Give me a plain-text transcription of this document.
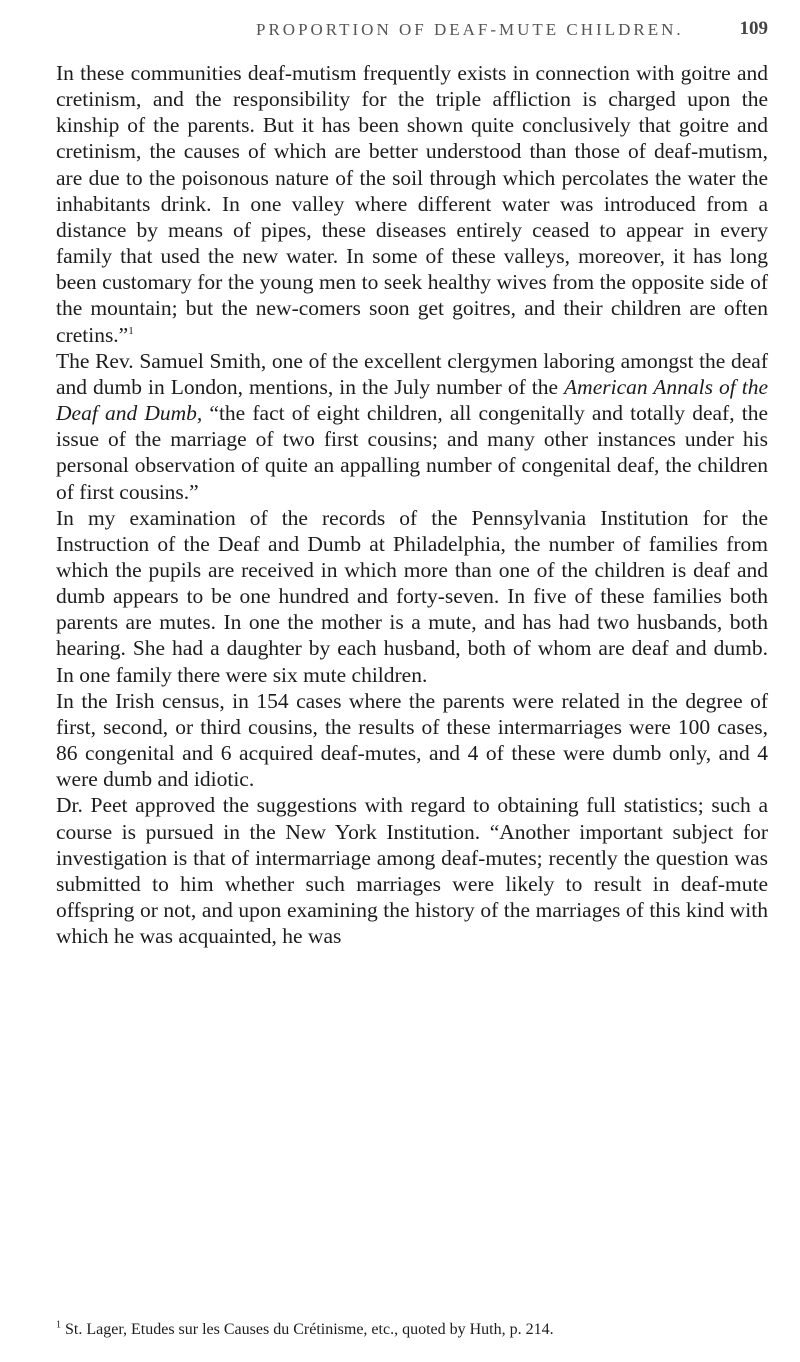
PROPORTION OF DEAF-MUTE CHILDREN.	109

In these communities deaf-mutism frequently exists in connection with goitre and cretinism, and the responsibility for the triple affliction is charged upon the kinship of the parents. But it has been shown quite conclusively that goitre and cretinism, the causes of which are better understood than those of deaf-mutism, are due to the poisonous nature of the soil through which percolates the water the inhabitants drink. In one valley where different water was introduced from a distance by means of pipes, these diseases entirely ceased to appear in every family that used the new water. In some of these valleys, moreover, it has long been customary for the young men to seek healthy wives from the opposite side of the mountain; but the new-comers soon get goitres, and their children are often cretins.”$^1$

The Rev. Samuel Smith, one of the excellent clergymen laboring amongst the deaf and dumb in London, mentions, in the July number of the American Annals of the Deaf and Dumb, “the fact of eight children, all congenitally and totally deaf, the issue of the marriage of two first cousins; and many other instances under his personal observation of quite an appalling number of congenital deaf, the children of first cousins.”

In my examination of the records of the Pennsylvania Institution for the Instruction of the Deaf and Dumb at Philadelphia, the number of families from which the pupils are received in which more than one of the children is deaf and dumb appears to be one hundred and forty-seven. In five of these families both parents are mutes. In one the mother is a mute, and has had two husbands, both hearing. She had a daughter by each husband, both of whom are deaf and dumb. In one family there were six mute children.

In the Irish census, in 154 cases where the parents were related in the degree of first, second, or third cousins, the results of these intermarriages were 100 cases, 86 congenital and 6 acquired deaf-mutes, and 4 of these were dumb only, and 4 were dumb and idiotic.

Dr. Peet approved the suggestions with regard to obtaining full statistics; such a course is pursued in the New York Institution. “Another important subject for investigation is that of intermarriage among deaf-mutes; recently the question was submitted to him whether such marriages were likely to result in deaf-mute offspring or not, and upon examining the history of the marriages of this kind with which he was acquainted, he was

$^1$ St. Lager, Etudes sur les Causes du Crétinisme, etc., quoted by Huth, p. 214.
